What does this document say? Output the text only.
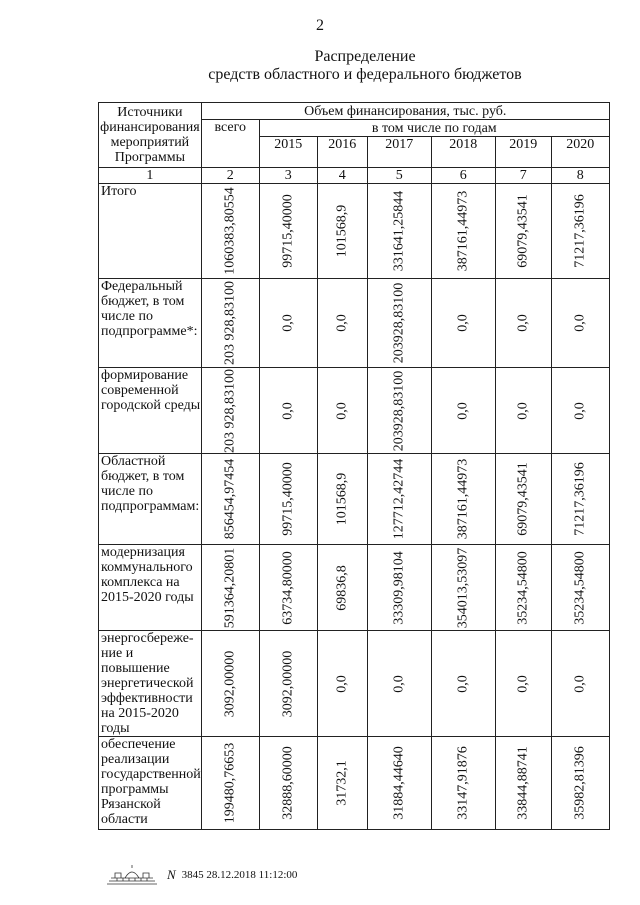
2
Распределение
средств областного и федерального бюджетов
Источники финансирования мероприятий Программы	Объем финансирования, тыс. руб.						
	всего	в том числе по годам					
		2015	2016	2017	2018	2019	2020
1	2	3	4	5	6	7	8
Итого	1060383,80554	99715,40000	101568,9	331641,25844	387161,44973	69079,43541	71217,36196

Федеральный бюджет, в том числе по подпрограмме*:	203 928,83100	0,0	0,0	203928,83100	0,0	0,0	0,0

формирование современной городской среды	203 928,83100	0,0	0,0	203928,83100	0,0	0,0	0,0

Областной бюджет, в том числе по подпрограммам:	856454,97454	99715,40000	101568,9	127712,42744	387161,44973	69079,43541	71217,36196

модернизация коммунального комплекса на 2015-2020 годы	591364,20801	63734,80000	69836,8	33309,98104	354013,53097	35234,54800	35234,54800

энергосбереже-ние и повышение энергетической эффективности на 2015-2020 годы	3092,00000	3092,00000	0,0	0,0	0,0	0,0	0,0

обеспечение реализации государственной программы Рязанской области	199480,76653	32888,60000	31732,1	31884,44640	33147,91876	33844,88741	35982,81396
N 3845
28.12.2018 11:12:00
